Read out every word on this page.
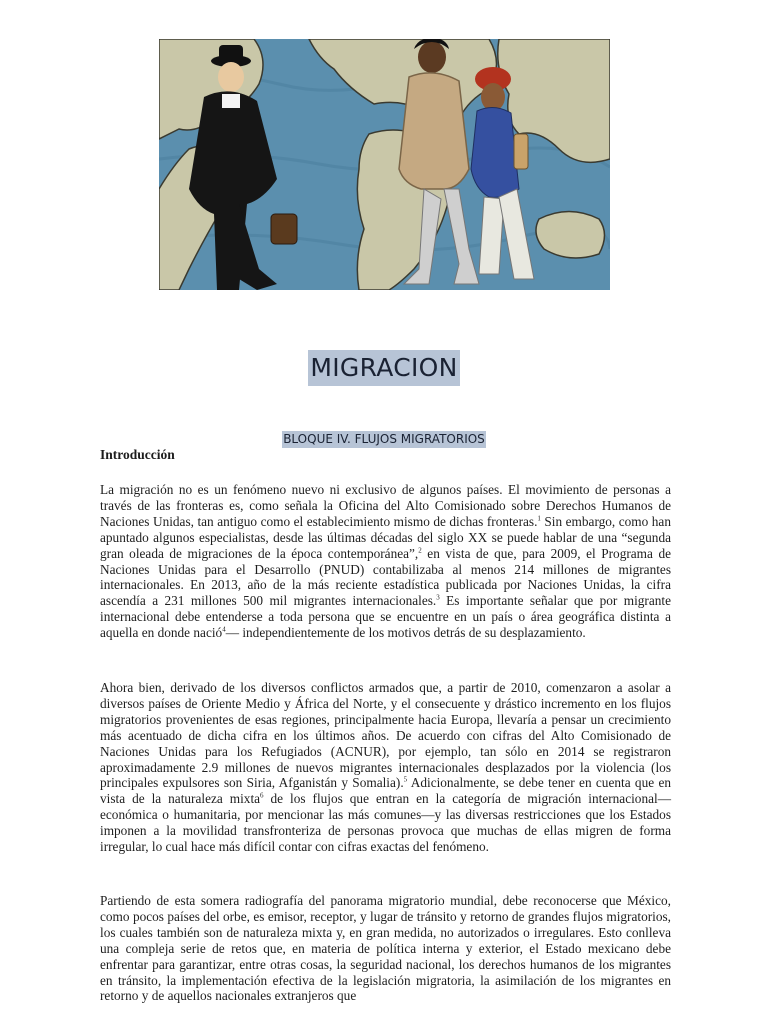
MIGRACION
BLOQUE IV. FLUJOS MIGRATORIOS
Introducción

La migración no es un fenómeno nuevo ni exclusivo de algunos países. El movimiento de personas a través de las fronteras es, como señala la Oficina del Alto Comisionado sobre Derechos Humanos de Naciones Unidas, tan antiguo como el establecimiento mismo de dichas fronteras.$^1$ Sin embargo, como han apuntado algunos especialistas, desde las últimas décadas del siglo XX se puede hablar de una “segunda gran oleada de migraciones de la época contemporánea”,$^2$ en vista de que, para 2009, el Programa de Naciones Unidas para el Desarrollo (PNUD) contabilizaba al menos 214 millones de migrantes internacionales. En 2013, año de la más reciente estadística publicada por Naciones Unidas, la cifra ascendía a 231 millones 500 mil migrantes internacionales.$^3$ Es importante señalar que por migrante internacional debe entenderse a toda persona que se encuentre en un país o área geográfica distinta a aquella en donde nació$^4$— independientemente de los motivos detrás de su desplazamiento.

Ahora bien, derivado de los diversos conflictos armados que, a partir de 2010, comenzaron a asolar a diversos países de Oriente Medio y África del Norte, y el consecuente y drástico incremento en los flujos migratorios provenientes de esas regiones, principalmente hacia Europa, llevaría a pensar un crecimiento más acentuado de dicha cifra en los últimos años. De acuerdo con cifras del Alto Comisionado de Naciones Unidas para los Refugiados (ACNUR), por ejemplo, tan sólo en 2014 se registraron aproximadamente 2.9 millones de nuevos migrantes internacionales desplazados por la violencia (los principales expulsores son Siria, Afganistán y Somalia).$^5$ Adicionalmente, se debe tener en cuenta que en vista de la naturaleza mixta$^6$ de los flujos que entran en la categoría de migración internacional—económica o humanitaria, por mencionar las más comunes—y las diversas restricciones que los Estados imponen a la movilidad transfronteriza de personas provoca que muchas de ellas migren de forma irregular, lo cual hace más difícil contar con cifras exactas del fenómeno.

Partiendo de esta somera radiografía del panorama migratorio mundial, debe reconocerse que México, como pocos países del orbe, es emisor, receptor, y lugar de tránsito y retorno de grandes flujos migratorios, los cuales también son de naturaleza mixta y, en gran medida, no autorizados o irregulares. Esto conlleva una compleja serie de retos que, en materia de política interna y exterior, el Estado mexicano debe enfrentar para garantizar, entre otras cosas, la seguridad nacional, los derechos humanos de los migrantes en tránsito, la implementación efectiva de la legislación migratoria, la asimilación de los migrantes en retorno y de aquellos nacionales extranjeros que
